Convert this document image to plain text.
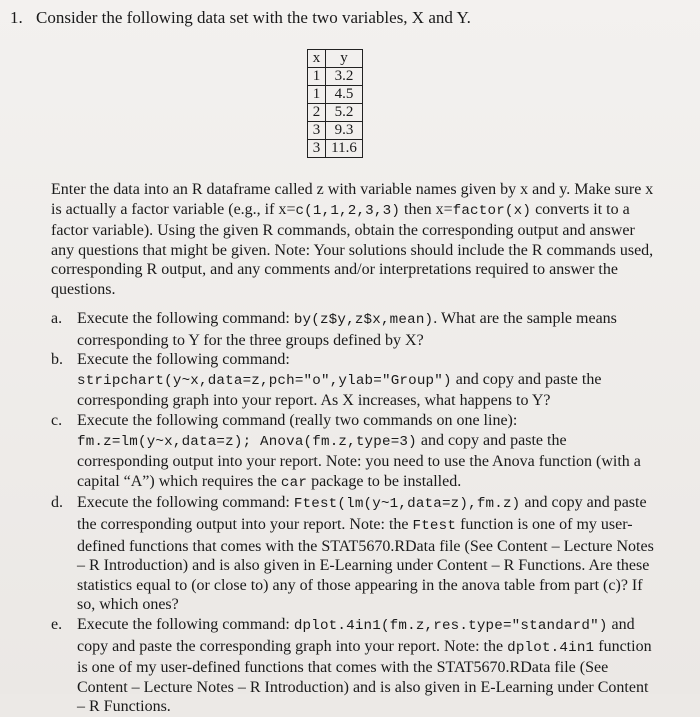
1. Consider the following data set with the two variables, X and Y.
x	y
1	3.2
1	4.5
2	5.2
3	9.3
3	11.6

Enter the data into an R dataframe called z with variable names given by x and y. Make sure x is actually a factor variable (e.g., if x=c(1,1,2,3,3) then x=factor(x) converts it to a factor variable). Using the given R commands, obtain the corresponding output and answer any questions that might be given. Note: Your solutions should include the R commands used, corresponding R output, and any comments and/or interpretations required to answer the questions.

a. Execute the following command: by(z$y,z$x,mean). What are the sample means corresponding to Y for the three groups defined by X?
b. Execute the following command:
stripchart(y~x,data=z,pch="o",ylab="Group") and copy and paste the corresponding graph into your report. As X increases, what happens to Y?
c. Execute the following command (really two commands on one line):
fm.z=lm(y~x,data=z); Anova(fm.z,type=3) and copy and paste the corresponding output into your report. Note: you need to use the Anova function (with a capital “A”) which requires the car package to be installed.
d. Execute the following command: Ftest(lm(y~1,data=z),fm.z) and copy and paste the corresponding output into your report. Note: the Ftest function is one of my user-defined functions that comes with the STAT5670.RData file (See Content – Lecture Notes – R Introduction) and is also given in E-Learning under Content – R Functions. Are these statistics equal to (or close to) any of those appearing in the anova table from part (c)? If so, which ones?
e. Execute the following command: dplot.4in1(fm.z,res.type="standard") and copy and paste the corresponding graph into your report. Note: the dplot.4in1 function is one of my user-defined functions that comes with the STAT5670.RData file (See Content – Lecture Notes – R Introduction) and is also given in E-Learning under Content – R Functions.
